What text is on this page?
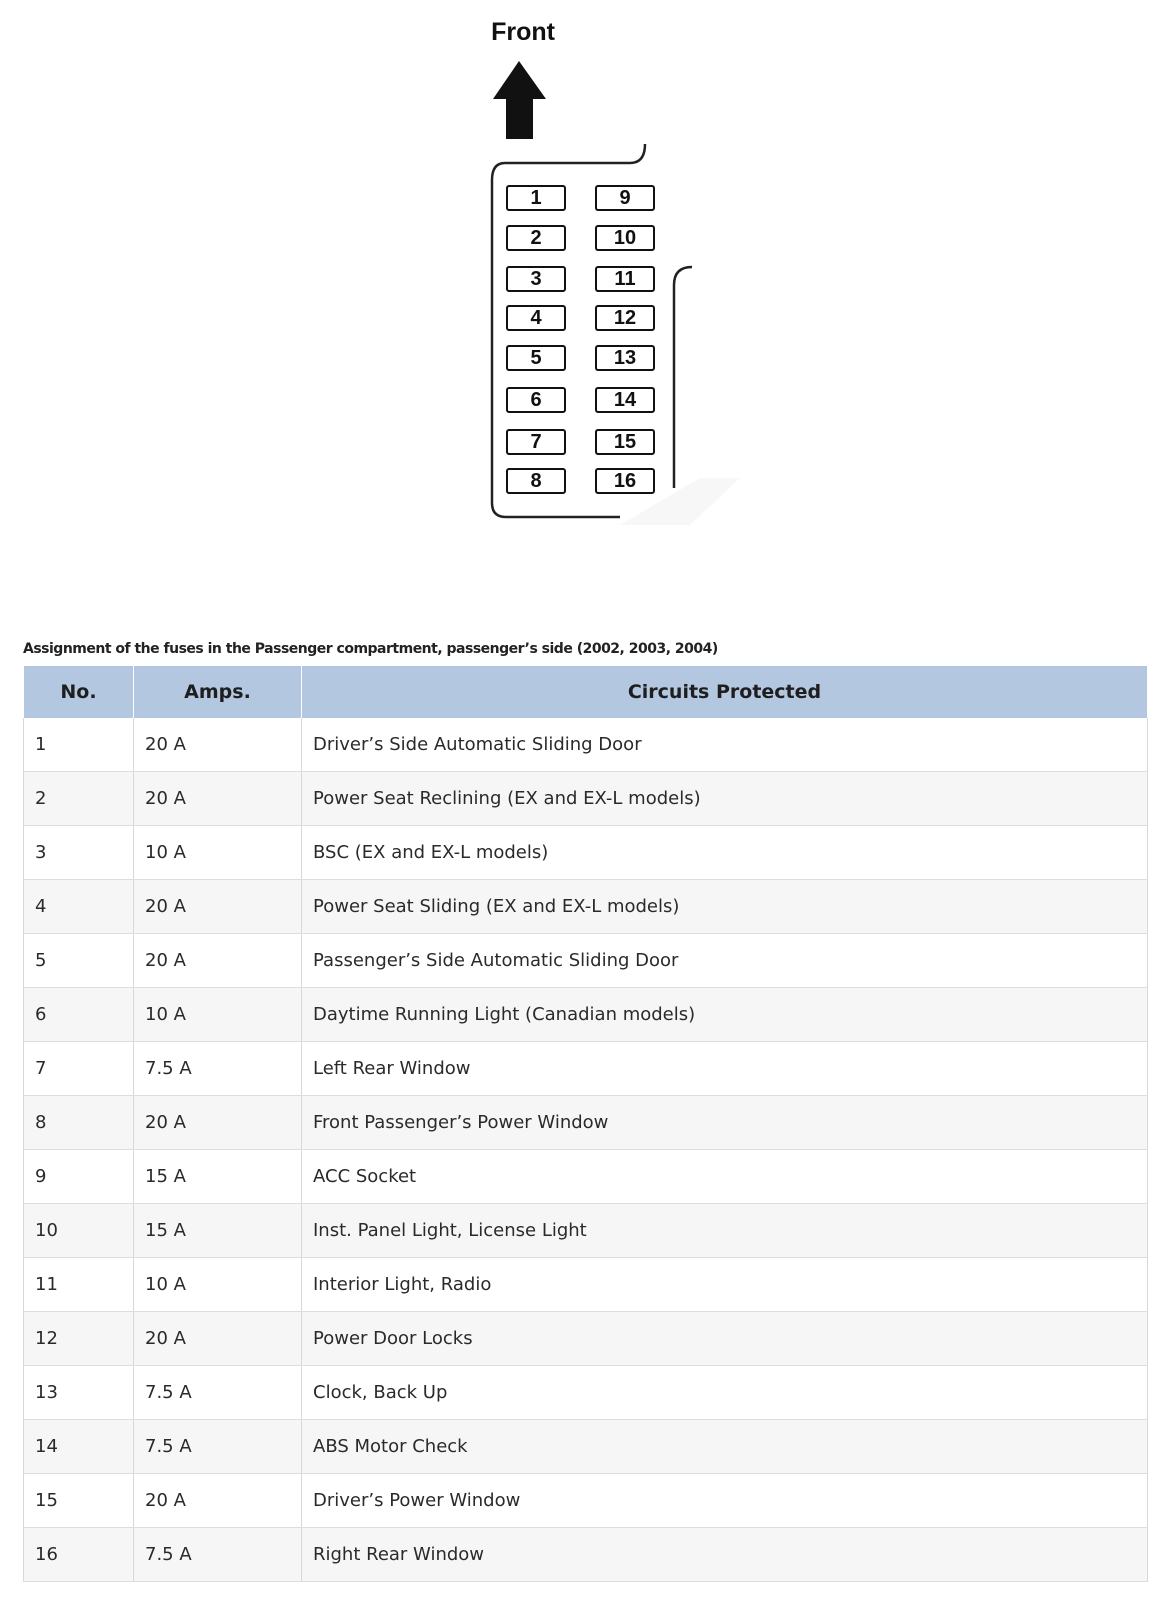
Front
1
2
3
4
5
6
7
8
9
10
11
12
13
14
15
16
Assignment of the fuses in the Passenger compartment, passenger’s side (2002, 2003, 2004)
No.	Amps.	Circuits Protected
1	20 A	Driver’s Side Automatic Sliding Door
2	20 A	Power Seat Reclining (EX and EX-L models)
3	10 A	BSC (EX and EX-L models)
4	20 A	Power Seat Sliding (EX and EX-L models)
5	20 A	Passenger’s Side Automatic Sliding Door
6	10 A	Daytime Running Light (Canadian models)
7	7.5 A	Left Rear Window
8	20 A	Front Passenger’s Power Window
9	15 A	ACC Socket
10	15 A	Inst. Panel Light, License Light
11	10 A	Interior Light, Radio
12	20 A	Power Door Locks
13	7.5 A	Clock, Back Up
14	7.5 A	ABS Motor Check
15	20 A	Driver’s Power Window
16	7.5 A	Right Rear Window
